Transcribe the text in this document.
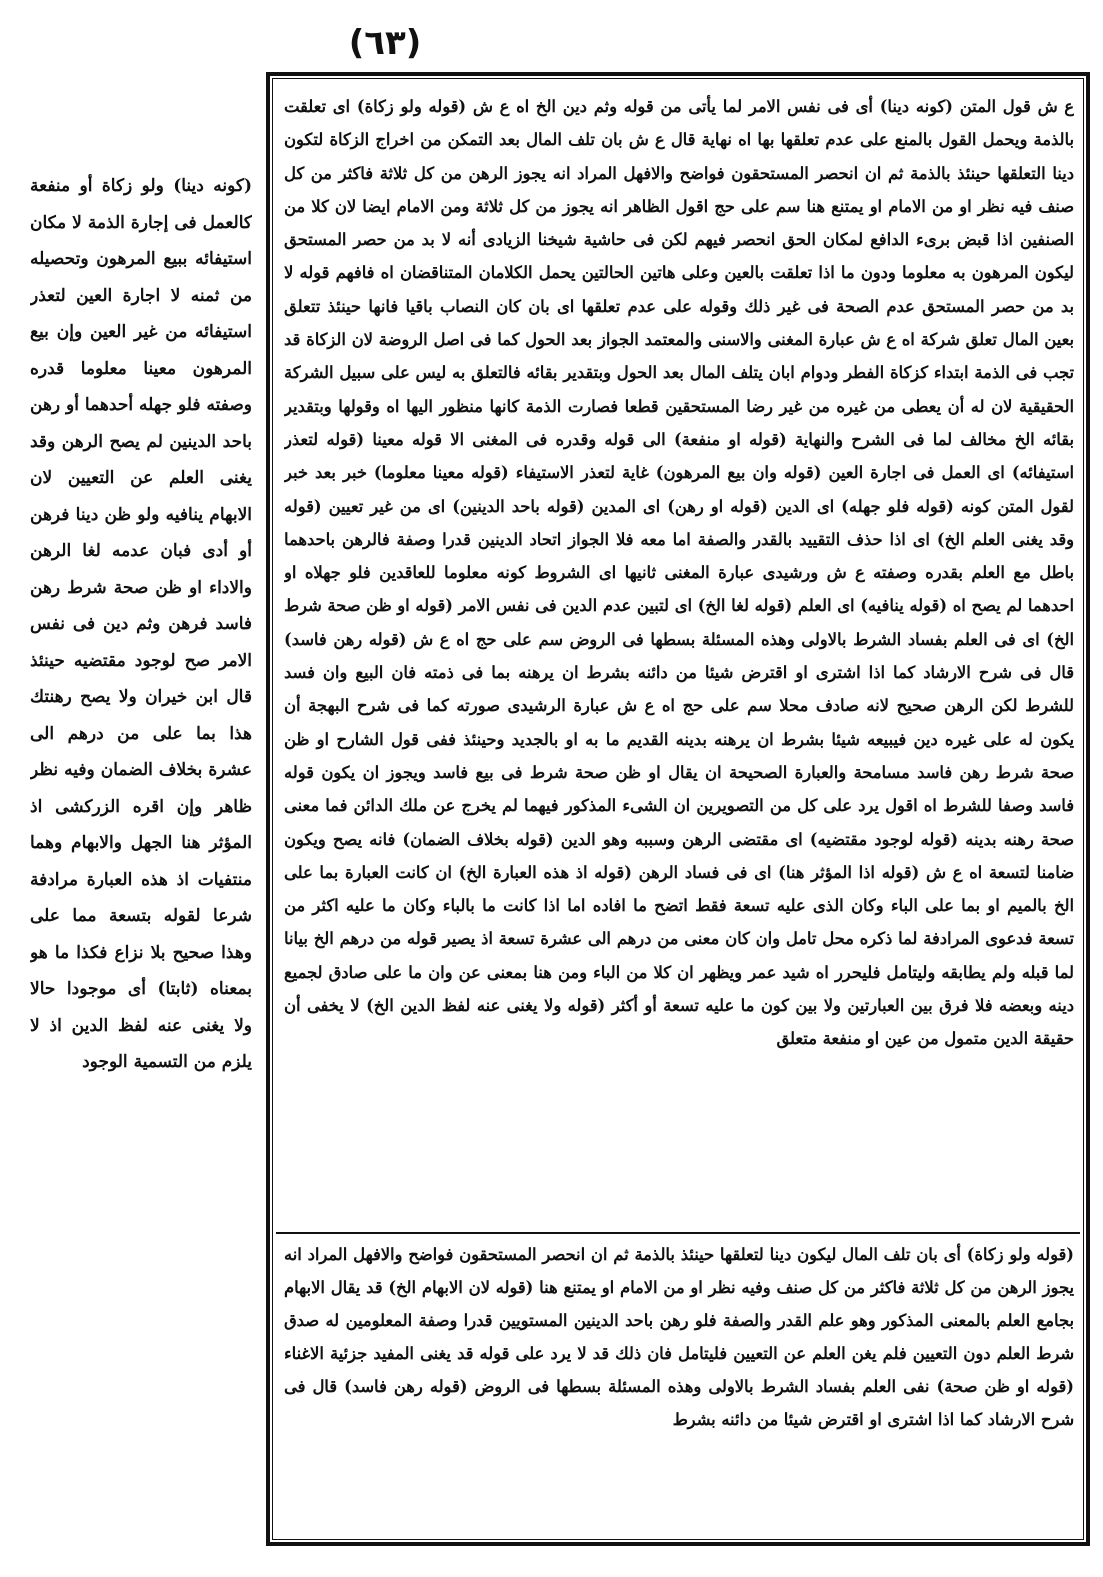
(٦٣)
ع ش قول المتن (كونه دينا) أى فى نفس الامر لما يأتى من قوله وثم دين الخ اه ع ش (قوله ولو زكاة) اى تعلقت بالذمة ويحمل القول بالمنع على عدم تعلقها بها اه نهاية قال ع ش بان تلف المال بعد التمكن من اخراج الزكاة لتكون دينا التعلقها حينئذ بالذمة ثم ان انحصر المستحقون فواضح والافهل المراد انه يجوز الرهن من كل ثلاثة فاكثر من كل صنف فيه نظر او من الامام او يمتنع هنا سم على حج اقول الظاهر انه يجوز من كل ثلاثة ومن الامام ايضا لان كلا من الصنفين اذا قبض برىء الدافع لمكان الحق انحصر فيهم لكن فى حاشية شيخنا الزيادى أنه لا بد من حصر المستحق ليكون المرهون به معلوما ودون ما اذا تعلقت بالعين وعلى هاتين الحالتين يحمل الكلامان المتناقضان اه فافهم قوله لا بد من حصر المستحق عدم الصحة فى غير ذلك وقوله على عدم تعلقها اى بان كان النصاب باقيا فانها حينئذ تتعلق بعين المال تعلق شركة اه ع ش عبارة المغنى والاسنى والمعتمد الجواز بعد الحول كما فى اصل الروضة لان الزكاة قد تجب فى الذمة ابتداء كزكاة الفطر ودوام ابان يتلف المال بعد الحول وبتقدير بقائه فالتعلق به ليس على سبيل الشركة الحقيقية لان له أن يعطى من غيره من غير رضا المستحقين قطعا فصارت الذمة كانها منظور اليها اه وقولها وبتقدير بقائه الخ مخالف لما فى الشرح والنهاية (قوله او منفعة) الى قوله وقدره فى المغنى الا قوله معينا (قوله لتعذر استيفائه) اى العمل فى اجارة العين (قوله وان بيع المرهون) غاية لتعذر الاستيفاء (قوله معينا معلوما) خبر بعد خبر لقول المتن كونه (قوله فلو جهله) اى الدين (قوله او رهن) اى المدين (قوله باحد الدينين) اى من غير تعيين (قوله وقد يغنى العلم الخ) اى اذا حذف التقييد بالقدر والصفة اما معه فلا الجواز اتحاد الدينين قدرا وصفة فالرهن باحدهما باطل مع العلم بقدره وصفته ع ش ورشيدى عبارة المغنى ثانيها اى الشروط كونه معلوما للعاقدين فلو جهلاه او احدهما لم يصح اه (قوله ينافيه) اى العلم (قوله لغا الخ) اى لتبين عدم الدين فى نفس الامر (قوله او ظن صحة شرط الخ) اى فى العلم بفساد الشرط بالاولى وهذه المسئلة بسطها فى الروض سم على حج اه ع ش (قوله رهن فاسد) قال فى شرح الارشاد كما اذا اشترى او اقترض شيئا من دائنه بشرط ان يرهنه بما فى ذمته فان البيع وان فسد للشرط لكن الرهن صحيح لانه صادف محلا سم على حج اه ع ش عبارة الرشيدى صورته كما فى شرح البهجة أن يكون له على غيره دين فيبيعه شيئا بشرط ان يرهنه بدينه القديم ما به او بالجديد وحينئذ ففى قول الشارح او ظن صحة شرط رهن فاسد مسامحة والعبارة الصحيحة ان يقال او ظن صحة شرط فى بيع فاسد ويجوز ان يكون قوله فاسد وصفا للشرط اه اقول يرد على كل من التصويرين ان الشىء المذكور فيهما لم يخرج عن ملك الدائن فما معنى صحة رهنه بدينه (قوله لوجود مقتضيه) اى مقتضى الرهن وسببه وهو الدين (قوله بخلاف الضمان) فانه يصح ويكون ضامنا لتسعة اه ع ش (قوله اذا المؤثر هنا) اى فى فساد الرهن (قوله اذ هذه العبارة الخ) ان كانت العبارة بما على الخ بالميم او بما على الباء وكان الذى عليه تسعة فقط اتضح ما افاده اما اذا كانت ما بالباء وكان ما عليه اكثر من تسعة فدعوى المرادفة لما ذكره محل تامل وان كان معنى من درهم الى عشرة تسعة اذ يصير قوله من درهم الخ بيانا لما قبله ولم يطابقه وليتامل فليحرر اه شيد عمر ويظهر ان كلا من الباء ومن هنا بمعنى عن وان ما على صادق لجميع دينه وبعضه فلا فرق بين العبارتين ولا بين كون ما عليه تسعة أو أكثر (قوله ولا يغنى عنه لفظ الدين الخ) لا يخفى أن حقيقة الدين متمول من عين او منفعة متعلق
(قوله ولو زكاة) أى بان تلف المال ليكون دينا لتعلقها حينئذ بالذمة ثم ان انحصر المستحقون فواضح والافهل المراد انه يجوز الرهن من كل ثلاثة فاكثر من كل صنف وفيه نظر او من الامام او يمتنع هنا (قوله لان الابهام الخ) قد يقال الابهام بجامع العلم بالمعنى المذكور وهو علم القدر والصفة فلو رهن باحد الدينين المستويين قدرا وصفة المعلومين له صدق شرط العلم دون التعيين فلم يغن العلم عن التعيين فليتامل فان ذلك قد لا يرد على قوله قد يغنى المفيد جزئية الاغناء (قوله او ظن صحة) نفى العلم بفساد الشرط بالاولى وهذه المسئلة بسطها فى الروض (قوله رهن فاسد) قال فى شرح الارشاد كما اذا اشترى او اقترض شيئا من دائنه بشرط
(كونه دينا) ولو زكاة أو منفعة كالعمل فى إجارة الذمة لا مكان استيفائه ببيع المرهون وتحصيله من ثمنه لا اجارة العين لتعذر استيفائه من غير العين وإن بيع المرهون معينا معلوما قدره وصفته فلو جهله أحدهما أو رهن باحد الدينين لم يصح الرهن وقد يغنى العلم عن التعيين لان الابهام ينافيه ولو ظن دينا فرهن أو أدى فبان عدمه لغا الرهن والاداء او ظن صحة شرط رهن فاسد فرهن وثم دين فى نفس الامر صح لوجود مقتضيه حينئذ قال ابن خيران ولا يصح رهنتك هذا بما على من درهم الى عشرة بخلاف الضمان وفيه نظر ظاهر وإن اقره الزركشى اذ المؤثر هنا الجهل والابهام وهما منتفيات اذ هذه العبارة مرادفة شرعا لقوله بتسعة مما على وهذا صحيح بلا نزاع فكذا ما هو بمعناه (ثابتا) أى موجودا حالا ولا يغنى عنه لفظ الدين اذ لا يلزم من التسمية الوجود
